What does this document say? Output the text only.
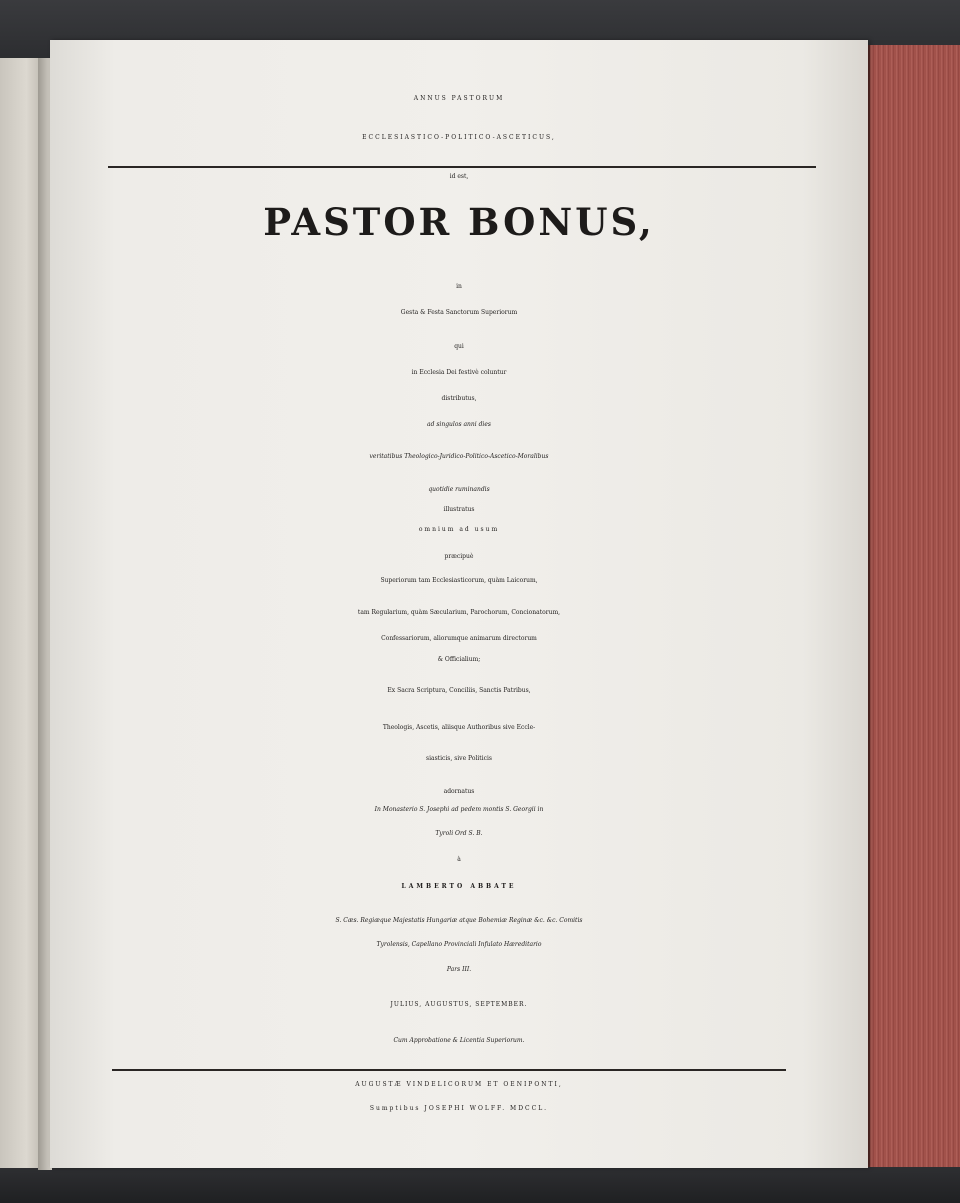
ANNUS PASTORUM

ECCLESIASTICO-POLITICO-ASCETICUS,

id est,

PASTOR BONUS,

in

Gesta & Festa Sanctorum Superiorum

qui

in Ecclesia Dei festivè coluntur

distributus,

ad singulos anni dies

veritatibus Theologico-Juridico-Politico-Ascetico-Moralibus

quotidie ruminandis

illustratus

omnium ad usum

præcipuè

Superiorum tam Ecclesiasticorum, quàm Laicorum,

tam Regularium, quàm Sæcularium, Parochorum, Concionatorum,

Confessariorum, aliorumque animarum directorum

& Officialium;

Ex Sacra Scriptura, Conciliis, Sanctis Patribus,

Theologis, Ascetis, aliisque Authoribus sive Eccle-

siasticis, sive Politicis

adornatus

In Monasterio S. Josephi ad pedem montis S. Georgii in

Tyroli Ord S. B.

à

LAMBERTO ABBATE

S. Cæs. Regiæque Majestatis Hungariæ atque Bohemiæ Reginæ &c. &c. Comitis

Tyrolensis, Capellano Provinciali Infulato Hæreditario

Pars III.

JULIUS, AUGUSTUS, SEPTEMBER.

Cum Approbatione & Licentia Superiorum.

AUGUSTÆ VINDELICORUM ET OENIPONTI,

Sumptibus JOSEPHI WOLFF. MDCCL.
